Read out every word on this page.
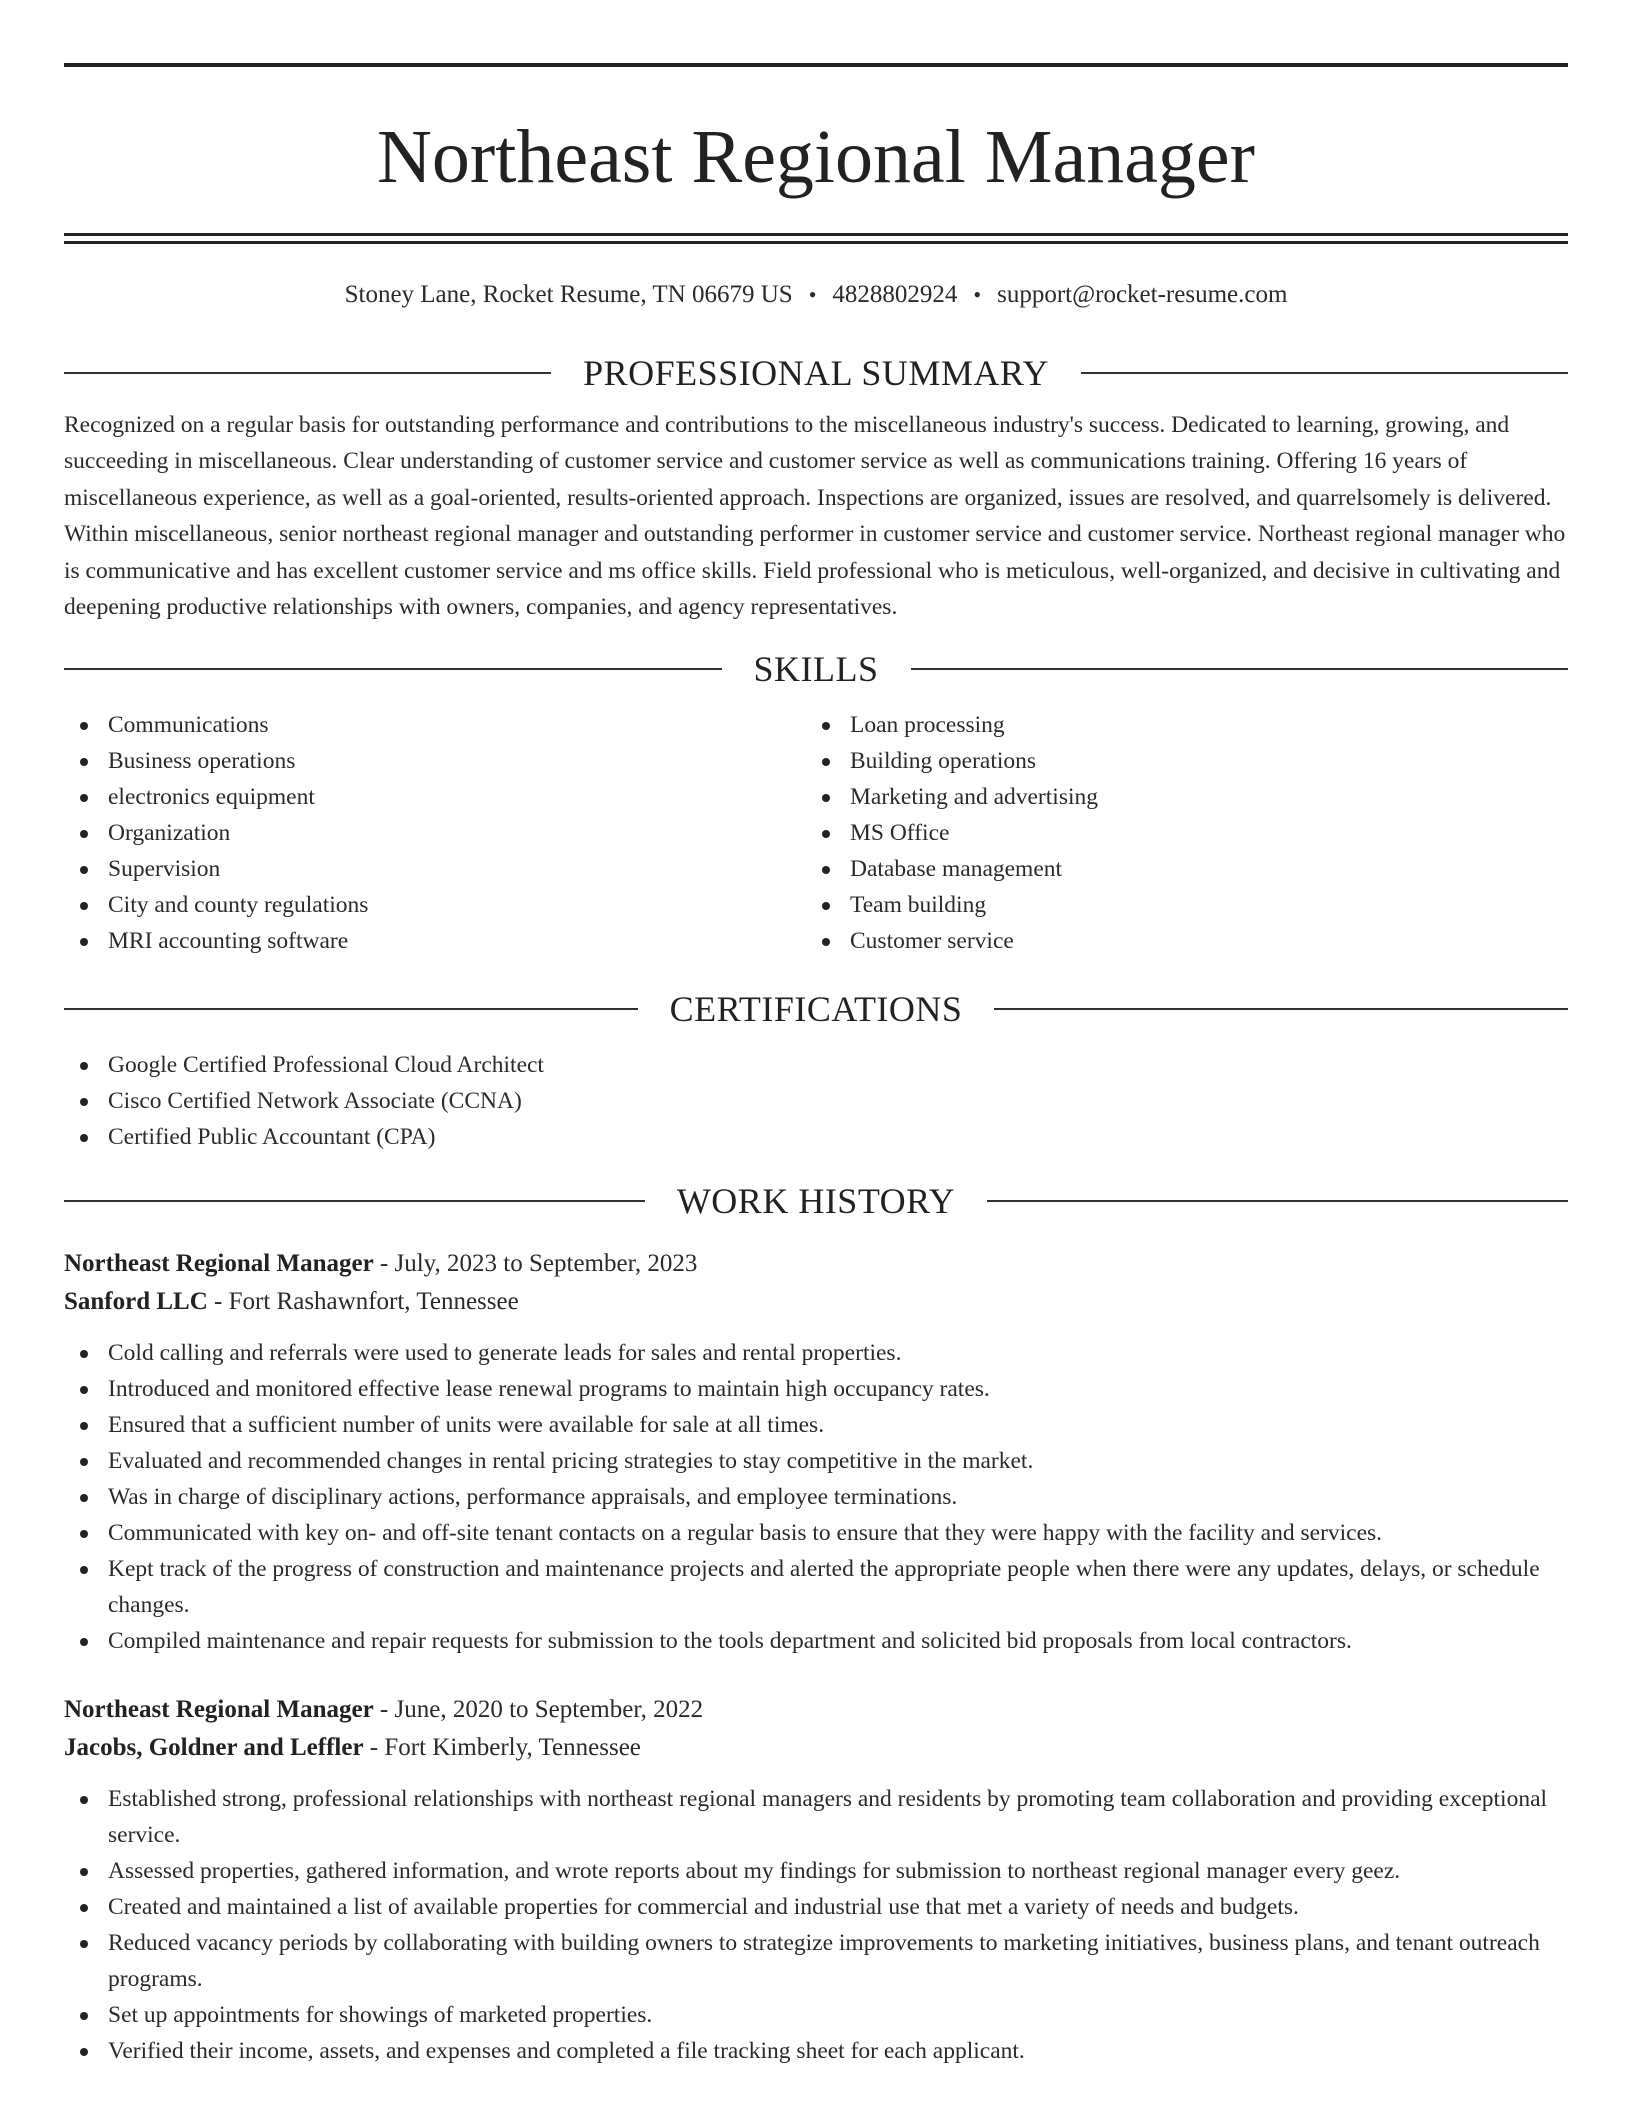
Northeast Regional Manager
Stoney Lane, Rocket Resume, TN 06679 US • 4828802924 • support@rocket-resume.com
PROFESSIONAL SUMMARY
Recognized on a regular basis for outstanding performance and contributions to the miscellaneous industry's success. Dedicated to learning, growing, and succeeding in miscellaneous. Clear understanding of customer service and customer service as well as communications training. Offering 16 years of miscellaneous experience, as well as a goal-oriented, results-oriented approach. Inspections are organized, issues are resolved, and quarrelsomely is delivered. Within miscellaneous, senior northeast regional manager and outstanding performer in customer service and customer service. Northeast regional manager who is communicative and has excellent customer service and ms office skills. Field professional who is meticulous, well-organized, and decisive in cultivating and deepening productive relationships with owners, companies, and agency representatives.
SKILLS
Communications
Business operations
electronics equipment
Organization
Supervision
City and county regulations
MRI accounting software
Loan processing
Building operations
Marketing and advertising
MS Office
Database management
Team building
Customer service
CERTIFICATIONS
Google Certified Professional Cloud Architect
Cisco Certified Network Associate (CCNA)
Certified Public Accountant (CPA)
WORK HISTORY
Northeast Regional Manager - July, 2023 to September, 2023
Sanford LLC - Fort Rashawnfort, Tennessee
Cold calling and referrals were used to generate leads for sales and rental properties.
Introduced and monitored effective lease renewal programs to maintain high occupancy rates.
Ensured that a sufficient number of units were available for sale at all times.
Evaluated and recommended changes in rental pricing strategies to stay competitive in the market.
Was in charge of disciplinary actions, performance appraisals, and employee terminations.
Communicated with key on- and off-site tenant contacts on a regular basis to ensure that they were happy with the facility and services.
Kept track of the progress of construction and maintenance projects and alerted the appropriate people when there were any updates, delays, or schedule changes.
Compiled maintenance and repair requests for submission to the tools department and solicited bid proposals from local contractors.
Northeast Regional Manager - June, 2020 to September, 2022
Jacobs, Goldner and Leffler - Fort Kimberly, Tennessee
Established strong, professional relationships with northeast regional managers and residents by promoting team collaboration and providing exceptional service.
Assessed properties, gathered information, and wrote reports about my findings for submission to northeast regional manager every geez.
Created and maintained a list of available properties for commercial and industrial use that met a variety of needs and budgets.
Reduced vacancy periods by collaborating with building owners to strategize improvements to marketing initiatives, business plans, and tenant outreach programs.
Set up appointments for showings of marketed properties.
Verified their income, assets, and expenses and completed a file tracking sheet for each applicant.
